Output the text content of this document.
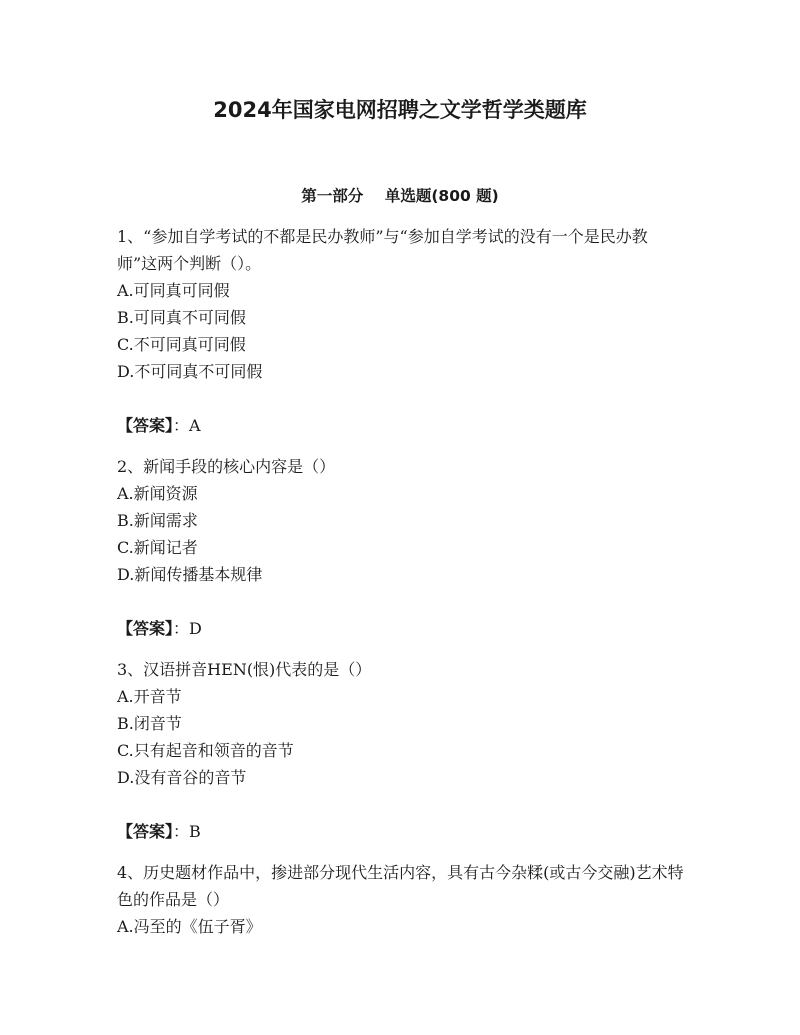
2024年国家电网招聘之文学哲学类题库
第一部分    单选题(800 题)

1、“参加自学考试的不都是民办教师”与“参加自学考试的没有一个是民办教师”这两个判断（）。

A.可同真可同假

B.可同真不可同假

C.不可同真可同假

D.不可同真不可同假

【答案】：A

2、新闻手段的核心内容是（）

A.新闻资源

B.新闻需求

C.新闻记者

D.新闻传播基本规律

【答案】：D

3、汉语拼音HEN(恨)代表的是（）

A.开音节

B.闭音节

C.只有起音和领音的音节

D.没有音谷的音节

【答案】：B

4、历史题材作品中，掺进部分现代生活内容，具有古今杂糅(或古今交融)艺术特色的作品是（）

A.冯至的《伍子胥》
